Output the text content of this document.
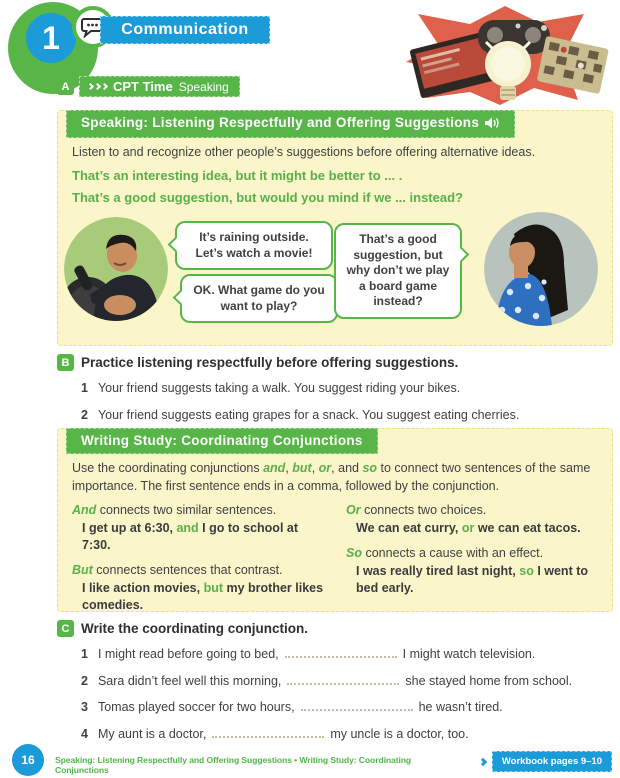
1	Communication
A	CPT Time Speaking
Speaking: Listening Respectfully and Offering Suggestions

Listen to and recognize other people’s suggestions before offering alternative ideas.

That’s an interesting idea, but it might be better to ... .
That’s a good suggestion, but would you mind if we ... instead?
It’s raining outside. Let’s watch a movie!
OK. What game do you want to play?
That’s a good suggestion, but why don’t we play a board game instead?
B Practice listening respectfully before offering suggestions.
1 Your friend suggests taking a walk. You suggest riding your bikes.
2 Your friend suggests eating grapes for a snack. You suggest eating cherries.
Writing Study: Coordinating Conjunctions

Use the coordinating conjunctions and, but, or, and so to connect two sentences of the same importance. The first sentence ends in a comma, followed by the conjunction.

And connects two similar sentences.
I get up at 6:30, and I go to school at 7:30.
But connects sentences that contrast.
I like action movies, but my brother likes comedies.
Or connects two choices.
We can eat curry, or we can eat tacos.
So connects a cause with an effect.
I was really tired last night, so I went to bed early.
C Write the coordinating conjunction.
1 I might read before going to bed,	I might watch television.
2 Sara didn’t feel well this morning,	she stayed home from school.
3 Tomas played soccer for two hours,	he wasn’t tired.
4 My aunt is a doctor,	my uncle is a doctor, too.
16	Speaking: Listening Respectfully and Offering Suggestions • Writing Study: Coordinating Conjunctions
Workbook pages 9–10
